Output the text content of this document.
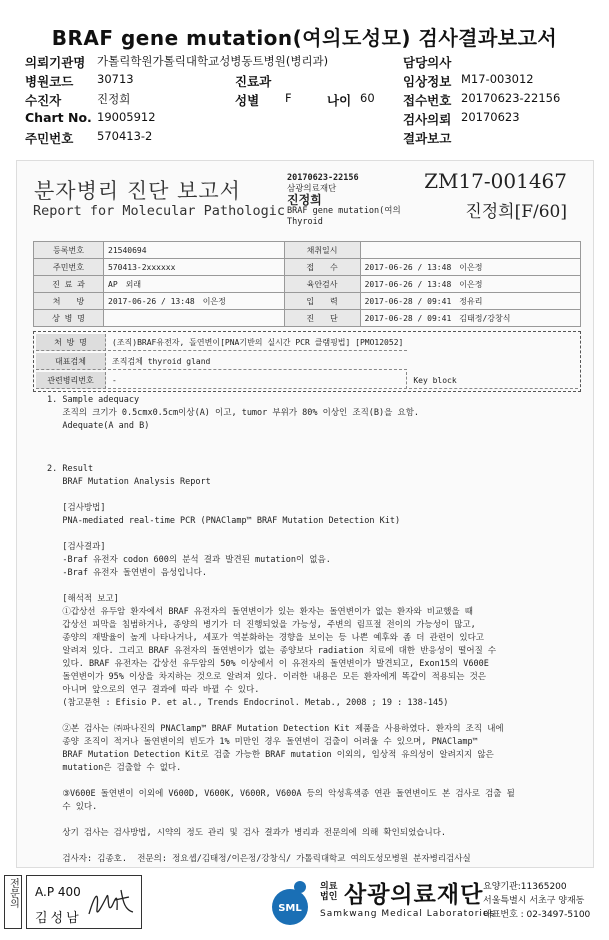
BRAF gene mutation(여의도성모) 검사결과보고서
의뢰기관명 가톨릭학원가톨릭대학교성병동트병원(병리과)	담당의사
병원코드 30713	진료과	임상정보 M17-003012
수진자	진정희	성별 F	나이 60 접수번호 20170623-22156
Chart No. 19005912	검사의뢰 20170623
주민번호 570413-2	결과보고
분자병리 진단 보고서
Report for Molecular Pathologic
20170623-22156
삼광의료재단
진정희
BRAF gene mutation(여의
Thyroid
ZM17-001467
진정희[F/60]
등록번호	21540694	채취일시	
주민번호	570413-2xxxxxx	접　　수	2017-06-26 / 13:48　이은정
진 료 과	AP　외래	육안검사	2017-06-26 / 13:48　이은정
처　　방	2017-06-26 / 13:48　이은정	입　　력	2017-06-28 / 09:41　정유리
상 병 명		진　　단	2017-06-28 / 09:41　김태정/강창식
처 방 명	(조직)BRAF유전자, 돌연변이[PNA기반의 실시간 PCR 클램핑법] [PMO12052]	
대표검체	조직검체 thyroid gland	
관련병리번호	-	Key block
1. Sample adequacy
조직의 크기가 0.5cmx0.5cm이상(A) 이고, tumor 부위가 80% 이상인 조직(B)을 요함.
Adequate(A and B)
2. Result
BRAF Mutation Analysis Report

[검사방법]
PNA-mediated real-time PCR (PNAClamp™ BRAF Mutation Detection Kit)

[검사결과]
-Braf 유전자 codon 600의 분석 결과 발견된 mutation이 없음.
-Braf 유전자 돌연변이 음성입니다.

[해석적 보고]
①갑상선 유두암 환자에서 BRAF 유전자의 돌연변이가 있는 환자는 돌연변이가 없는 환자와 비교했을 때
갑상선 피막을 침범하거나, 종양의 병기가 더 진행되었을 가능성, 주변의 림프절 전이의 가능성이 많고,
종양의 재발율이 높게 나타나거나, 세포가 역분화하는 경향을 보이는 등 나쁜 예후와 좀 더 관련이 있다고
알려져 있다. 그리고 BRAF 유전자의 돌연변이가 없는 종양보다 radiation 치료에 대한 반응성이 떨어질 수
있다. BRAF 유전자는 갑상선 유두암의 50% 이상에서 이 유전자의 돌연변이가 발견되고, Exon15의 V600E
돌연변이가 95% 이상을 차지하는 것으로 알려져 있다. 이러한 내용은 모든 환자에게 똑같이 적용되는 것은
아니며 앞으로의 연구 결과에 따라 바뀔 수 있다.
(참고문헌 : Efisio P. et al., Trends Endocrinol. Metab., 2008 ; 19 : 138-145)

②본 검사는 ㈜파나진의 PNAClamp™ BRAF Mutation Detection Kit 제품을 사용하였다. 환자의 조직 내에
종양 조직이 적거나 돌연변이의 빈도가 1% 미만인 경우 돌연변이 검출이 어려울 수 있으며, PNAClamp™
BRAF Mutation Detection Kit로 검출 가능한 BRAF mutation 이외의, 임상적 유의성이 알려지지 않은
mutation은 검출할 수 없다.

③V600E 돌연변이 이외에 V600D, V600K, V600R, V600A 등의 악성흑색종 연관 돌연변이도 본 검사로 검출 될
수 있다.

상기 검사는 검사방법, 시약의 정도 관리 및 검사 결과가 병리과 전문의에 의해 확인되었습니다.

검사자: 김종호.  전문의: 정요셉/김태정/이은정/강창식/ 가톨릭대학교 여의도성모병원 분자병리검사실
전문의 A.P 400
김성남
SML
의료
법인 삼광의료재단
Samkwang Medical Laboratories
요양기관:11365200
서울특별시 서초구 양재동
대표번호 : 02-3497-5100
